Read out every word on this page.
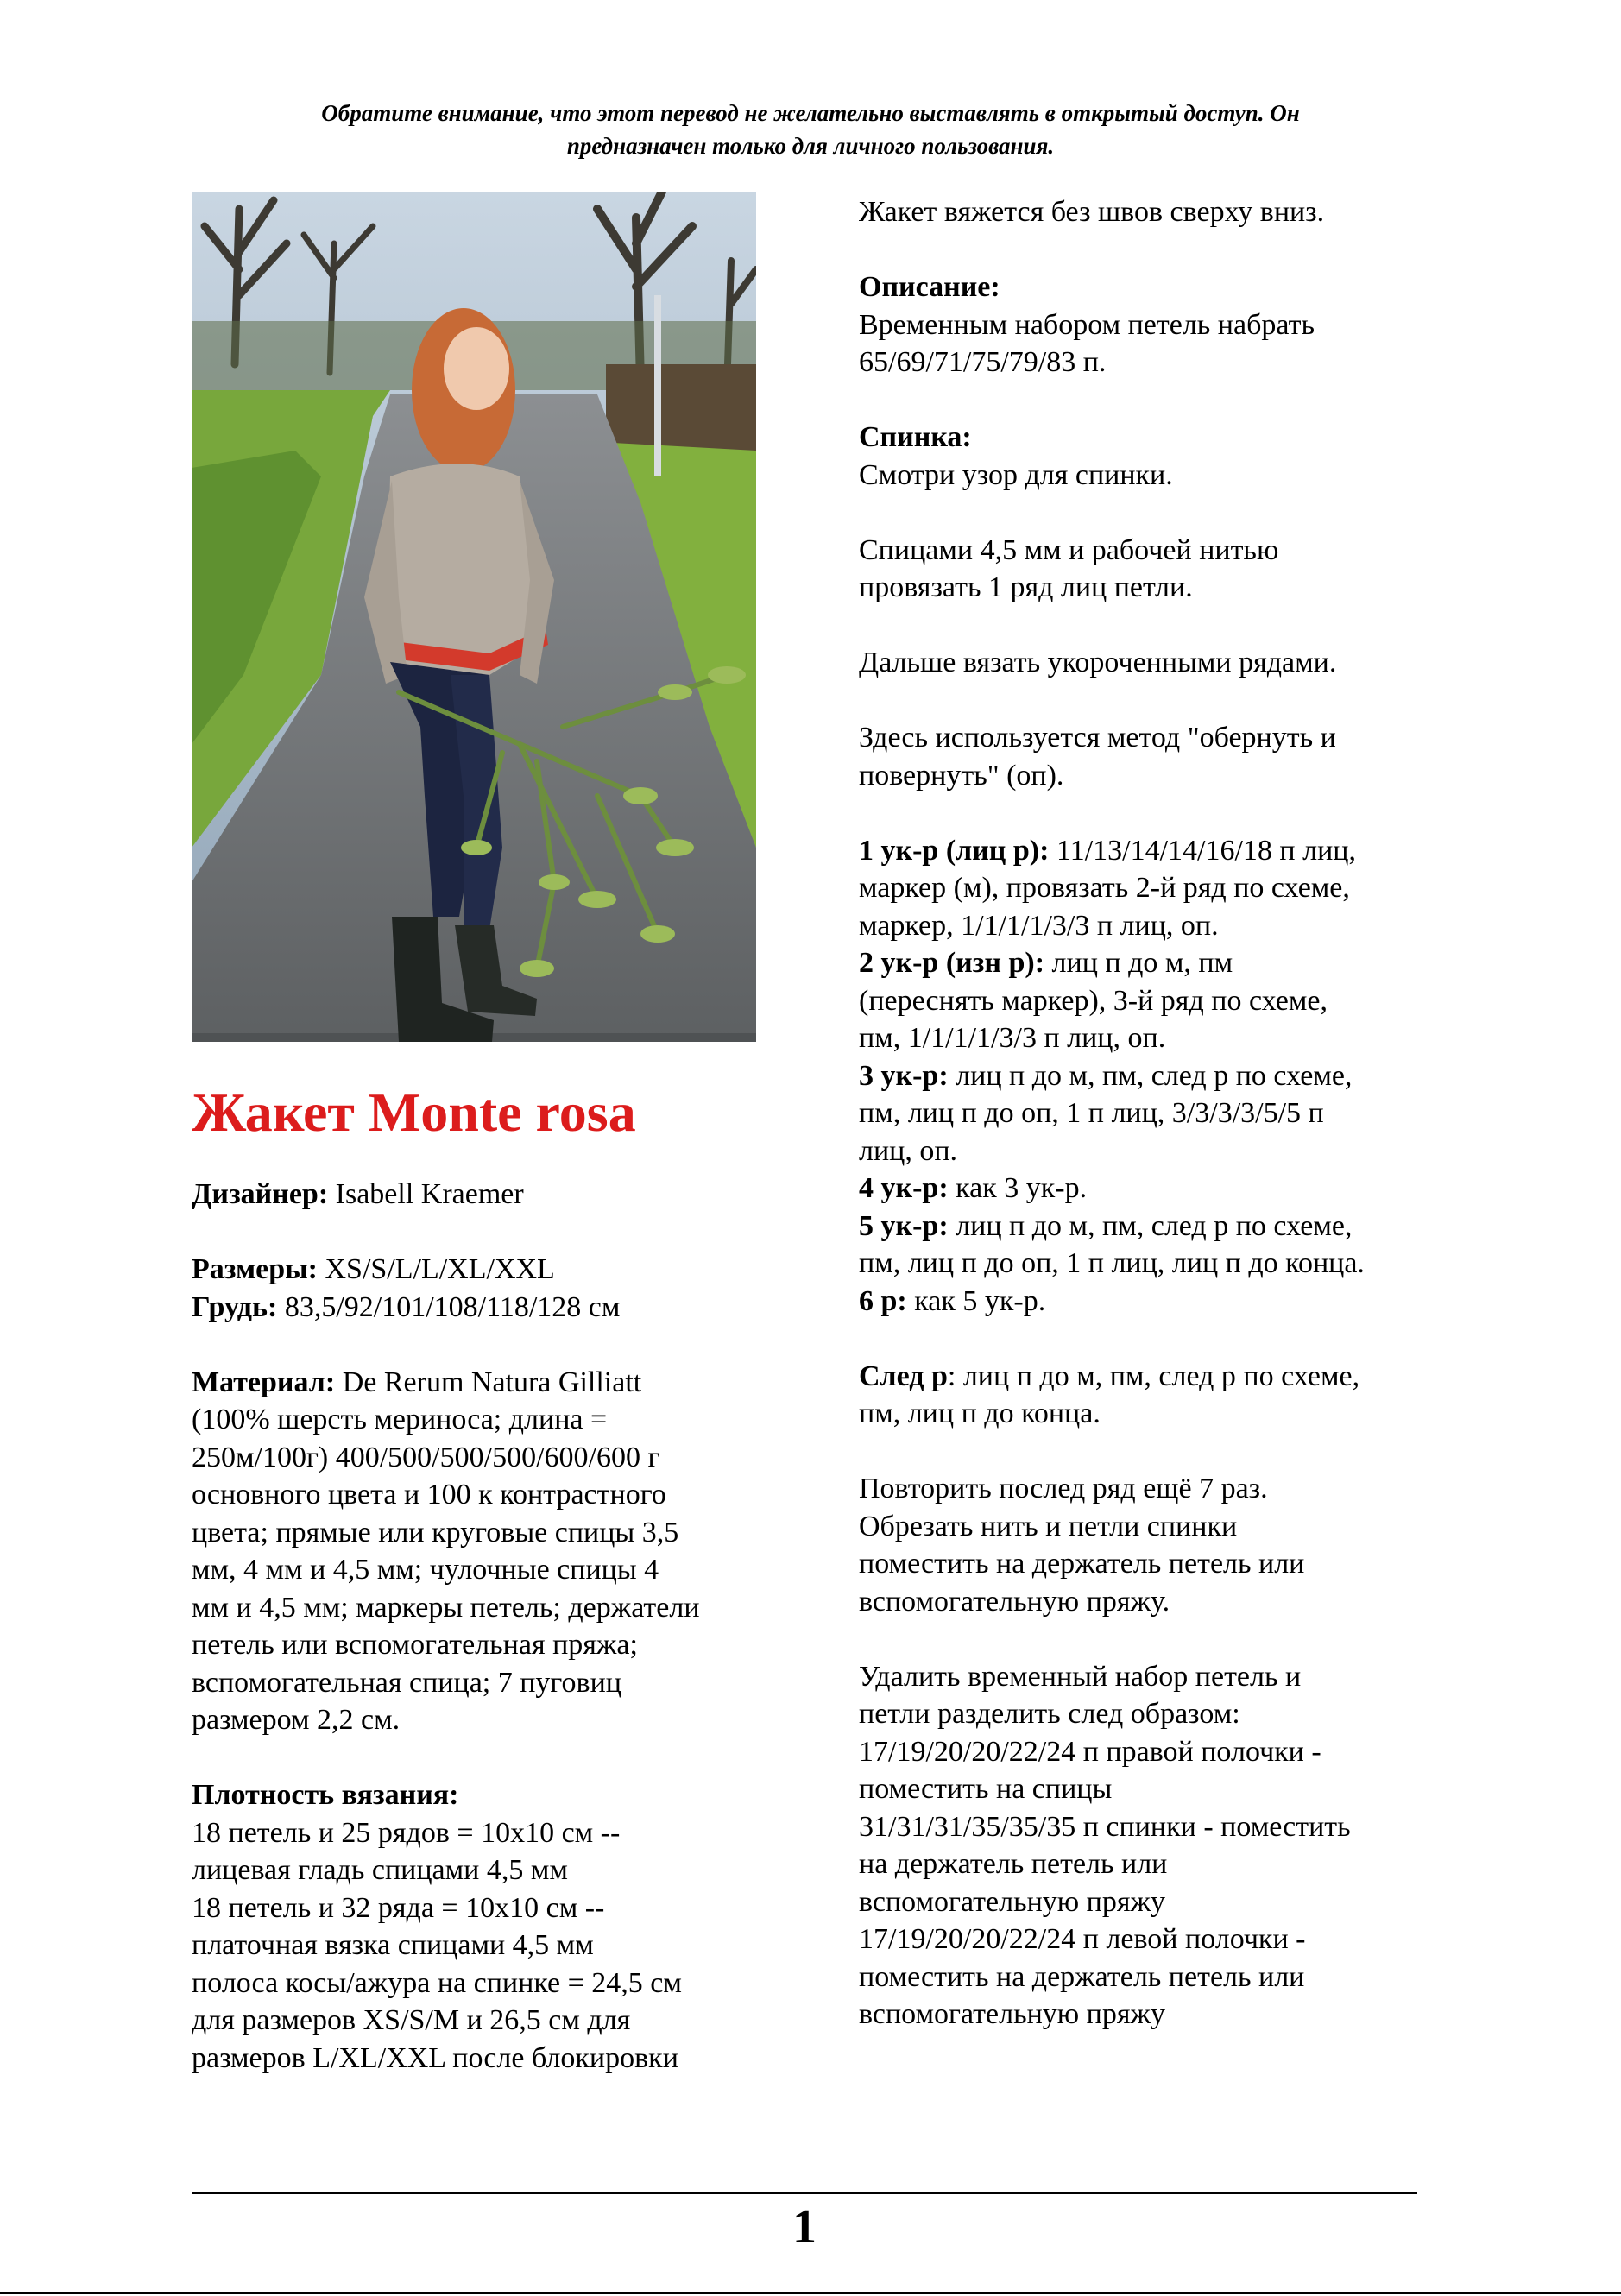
Обратите внимание, что этот перевод не желательно выставлять в открытый доступ. Он
предназначен только для личного пользования.
Жакет Monte rosa
Дизайнер: Isabell Kraemer
Размеры: XS/S/L/L/XL/XXL
Грудь: 83,5/92/101/108/118/128 см
Материал: De Rerum Natura Gilliatt
(100% шерсть мериноса; длина =
250м/100г) 400/500/500/500/600/600 г
основного цвета и 100 к контрастного
цвета; прямые или круговые спицы 3,5
мм, 4 мм и 4,5 мм; чулочные спицы 4
мм и 4,5 мм; маркеры петель; держатели
петель или вспомогательная пряжа;
вспомогательная спица; 7 пуговиц
размером 2,2 см.
Плотность вязания:
18 петель и 25 рядов = 10х10 см --
лицевая гладь спицами 4,5 мм
18 петель и 32 ряда = 10х10 см --
платочная вязка спицами 4,5 мм
полоса косы/ажура на спинке = 24,5 см
для размеров XS/S/M и 26,5 см для
размеров L/XL/XXL после блокировки
Жакет вяжется без швов сверху вниз.
Описание:
Временным набором петель набрать
65/69/71/75/79/83 п.
Спинка:
Смотри узор для спинки.
Спицами 4,5 мм и рабочей нитью
провязать 1 ряд лиц петли.
Дальше вязать укороченными рядами.
Здесь используется метод "обернуть и
повернуть" (оп).
1 ук-р (лиц р): 11/13/14/14/16/18 п лиц,
маркер (м), провязать 2-й ряд по схеме,
маркер, 1/1/1/1/3/3 п лиц, оп.
2 ук-р (изн р): лиц п до м, пм
(переснять маркер), 3-й ряд по схеме,
пм, 1/1/1/1/3/3 п лиц, оп.
3 ук-р: лиц п до м, пм, след р по схеме,
пм, лиц п до оп, 1 п лиц, 3/3/3/3/5/5 п
лиц, оп.
4 ук-р: как 3 ук-р.
5 ук-р: лиц п до м, пм, след р по схеме,
пм, лиц п до оп, 1 п лиц, лиц п до конца.
6 р: как 5 ук-р.
След р: лиц п до м, пм, след р по схеме,
пм, лиц п до конца.
Повторить послед ряд ещё 7 раз.
Обрезать нить и петли спинки
поместить на держатель петель или
вспомогательную пряжу.
Удалить временный набор петель и
петли разделить след образом:
17/19/20/20/22/24 п правой полочки -
поместить на спицы
31/31/31/35/35/35 п спинки - поместить
на держатель петель или
вспомогательную пряжу
17/19/20/20/22/24 п левой полочки -
поместить на держатель петель или
вспомогательную пряжу
1
